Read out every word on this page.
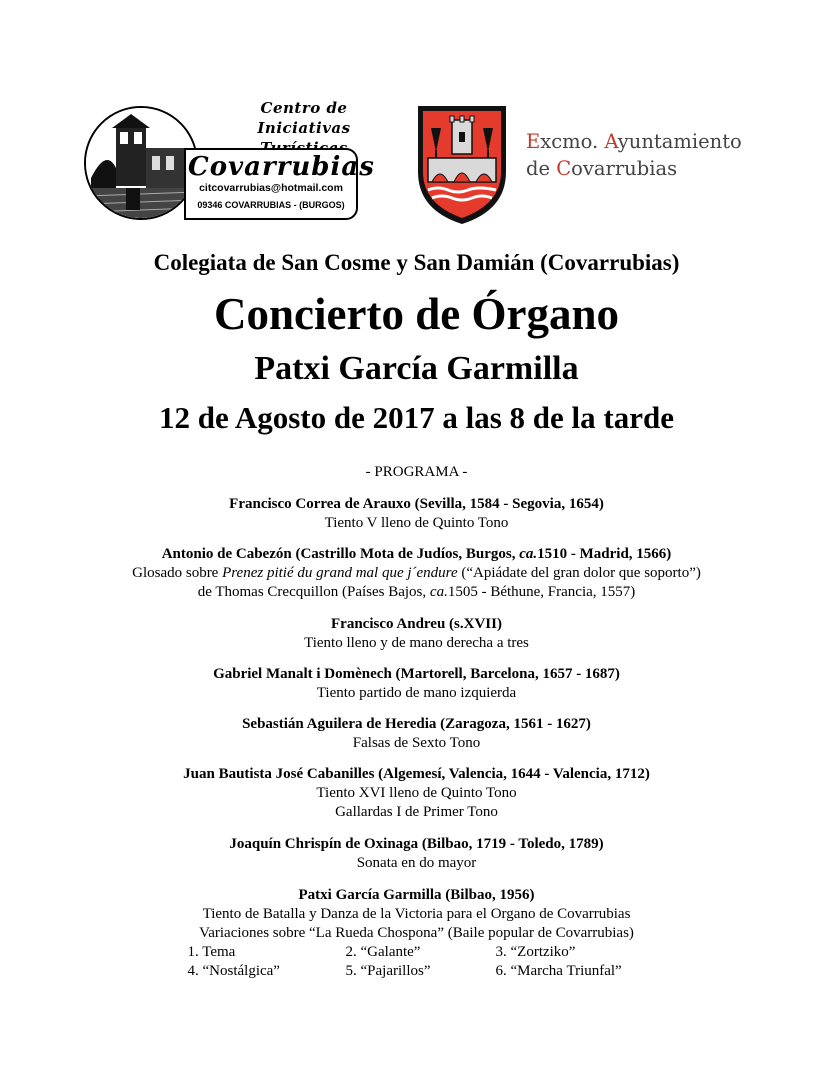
Centro de Iniciativas
Covarrubias
citcovarrubias@hotmail.com
09346 COVARRUBIAS - (BURGOS)
Excmo. Ayuntamiento
de Covarrubias
Colegiata de San Cosme y San Damián (Covarrubias)
Concierto de Órgano
Patxi García Garmilla
12 de Agosto de 2017 a las 8 de la tarde
- PROGRAMA -
Francisco Correa de Arauxo (Sevilla, 1584 - Segovia, 1654)
Tiento V lleno de Quinto Tono
Antonio de Cabezón (Castrillo Mota de Judíos, Burgos, ca.1510 - Madrid, 1566)
Glosado sobre Prenez pitié du grand mal que j´endure (“Apiádate del gran dolor que soporto”)
de Thomas Crecquillon (Países Bajos, ca.1505 - Béthune, Francia, 1557)
Francisco Andreu (s.XVII)
Tiento lleno y de mano derecha a tres
Gabriel Manalt i Domènech (Martorell, Barcelona, 1657 - 1687)
Tiento partido de mano izquierda
Sebastián Aguilera de Heredia (Zaragoza, 1561 - 1627)
Falsas de Sexto Tono
Juan Bautista José Cabanilles (Algemesí, Valencia, 1644 - Valencia, 1712)
Tiento XVI lleno de Quinto Tono
Gallardas I de Primer Tono
Joaquín Chrispín de Oxinaga (Bilbao, 1719 - Toledo, 1789)
Sonata en do mayor
Patxi García Garmilla (Bilbao, 1956)
Tiento de Batalla y Danza de la Victoria para el Organo de Covarrubias
Variaciones sobre “La Rueda Chospona” (Baile popular de Covarrubias)
1. Tema	2. “Galante”	3. “Zortziko”
4. “Nostálgica”	5. “Pajarillos”	6. “Marcha Triunfal”
